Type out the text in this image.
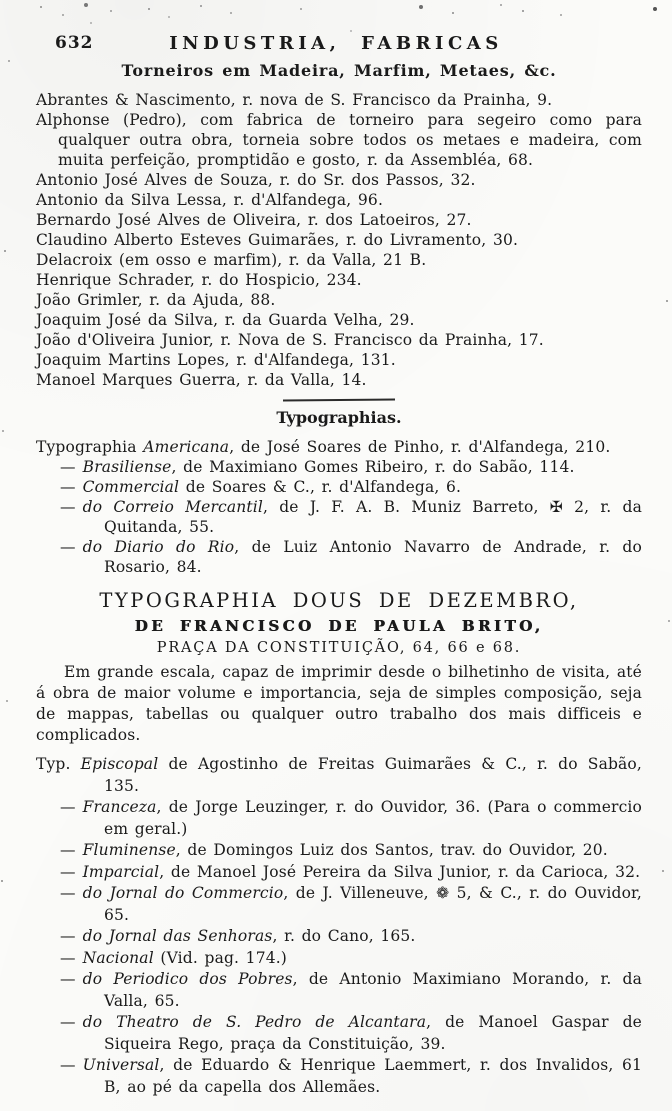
632	INDUSTRIA, FABRICAS
Torneiros em Madeira, Marfim, Metaes, &c.
Abrantes & Nascimento, r. nova de S. Francisco da Prainha, 9.
Alphonse (Pedro), com fabrica de torneiro para segeiro como para qualquer outra obra, torneia sobre todos os metaes e madeira, com muita perfeição, promptidão e gosto, r. da Assembléa, 68.
Antonio José Alves de Souza, r. do Sr. dos Passos, 32.
Antonio da Silva Lessa, r. d'Alfandega, 96.
Bernardo José Alves de Oliveira, r. dos Latoeiros, 27.
Claudino Alberto Esteves Guimarães, r. do Livramento, 30.
Delacroix (em osso e marfim), r. da Valla, 21 B.
Henrique Schrader, r. do Hospicio, 234.
João Grimler, r. da Ajuda, 88.
Joaquim José da Silva, r. da Guarda Velha, 29.
João d'Oliveira Junior, r. Nova de S. Francisco da Prainha, 17.
Joaquim Martins Lopes, r. d'Alfandega, 131.
Manoel Marques Guerra, r. da Valla, 14.
Typographias.
Typographia Americana, de José Soares de Pinho, r. d'Alfandega, 210.
— Brasiliense, de Maximiano Gomes Ribeiro, r. do Sabão, 114.
— Commercial de Soares & C., r. d'Alfandega, 6.
— do Correio Mercantil, de J. F. A. B. Muniz Barreto, ✠ 2, r. da Quitanda, 55.
— do Diario do Rio, de Luiz Antonio Navarro de Andrade, r. do Rosario, 84.
TYPOGRAPHIA DOUS DE DEZEMBRO,
DE FRANCISCO DE PAULA BRITO,
PRAÇA DA CONSTITUIÇÃO, 64, 66 e 68.

Em grande escala, capaz de imprimir desde o bilhetinho de visita, até á obra de maior volume e importancia, seja de simples composição, seja de mappas, tabellas ou qualquer outro trabalho dos mais difficeis e complicados.

Typ. Episcopal de Agostinho de Freitas Guimarães & C., r. do Sabão, 135.
— Franceza, de Jorge Leuzinger, r. do Ouvidor, 36. (Para o commercio em geral.)
— Fluminense, de Domingos Luiz dos Santos, trav. do Ouvidor, 20.
— Imparcial, de Manoel José Pereira da Silva Junior, r. da Carioca, 32.
— do Jornal do Commercio, de J. Villeneuve, ❁ 5, & C., r. do Ouvidor, 65.
— do Jornal das Senhoras, r. do Cano, 165.
— Nacional (Vid. pag. 174.)
— do Periodico dos Pobres, de Antonio Maximiano Morando, r. da Valla, 65.
— do Theatro de S. Pedro de Alcantara, de Manoel Gaspar de Siqueira Rego, praça da Constituição, 39.
— Universal, de Eduardo & Henrique Laemmert, r. dos Invalidos, 61 B, ao pé da capella dos Allemães.
